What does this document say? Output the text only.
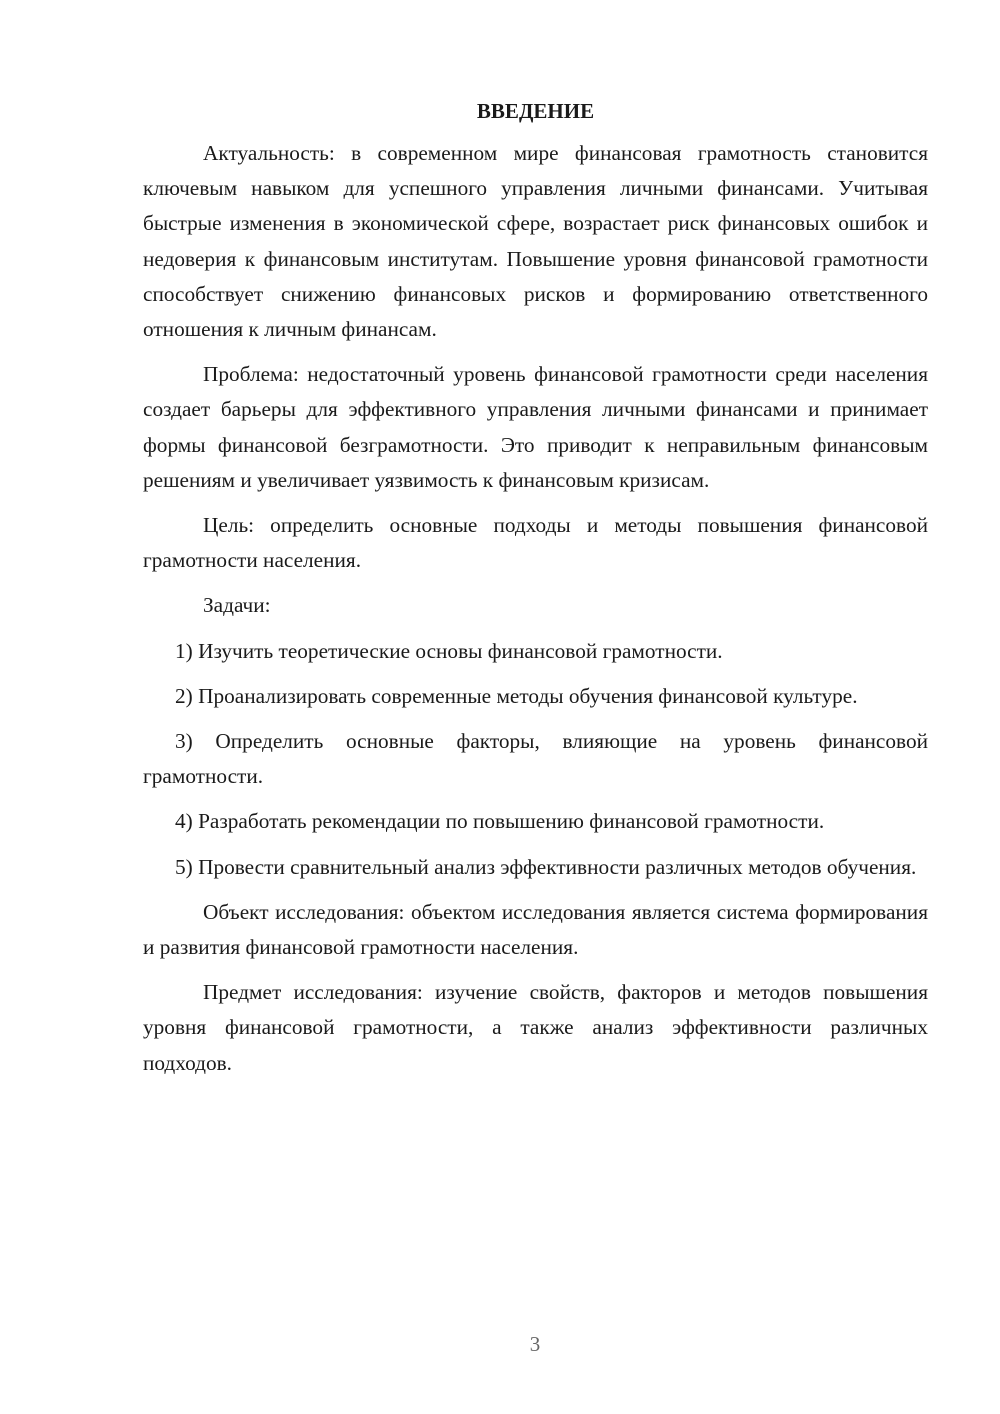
ВВЕДЕНИЕ

Актуальность: в современном мире финансовая грамотность становится ключевым навыком для успешного управления личными финансами. Учитывая быстрые изменения в экономической сфере, возрастает риск финансовых ошибок и недоверия к финансовым институтам. Повышение уровня финансовой грамотности способствует снижению финансовых рисков и формированию ответственного отношения к личным финансам.

Проблема: недостаточный уровень финансовой грамотности среди населения создает барьеры для эффективного управления личными финансами и принимает формы финансовой безграмотности. Это приводит к неправильным финансовым решениям и увеличивает уязвимость к финансовым кризисам.

Цель: определить основные подходы и методы повышения финансовой грамотности населения.

Задачи:

1) Изучить теоретические основы финансовой грамотности.

2) Проанализировать современные методы обучения финансовой культуре.

3) Определить основные факторы, влияющие на уровень финансовой грамотности.

4) Разработать рекомендации по повышению финансовой грамотности.

5) Провести сравнительный анализ эффективности различных методов обучения.

Объект исследования: объектом исследования является система формирования и развития финансовой грамотности населения.

Предмет исследования: изучение свойств, факторов и методов повышения уровня финансовой грамотности, а также анализ эффективности различных подходов.

3
